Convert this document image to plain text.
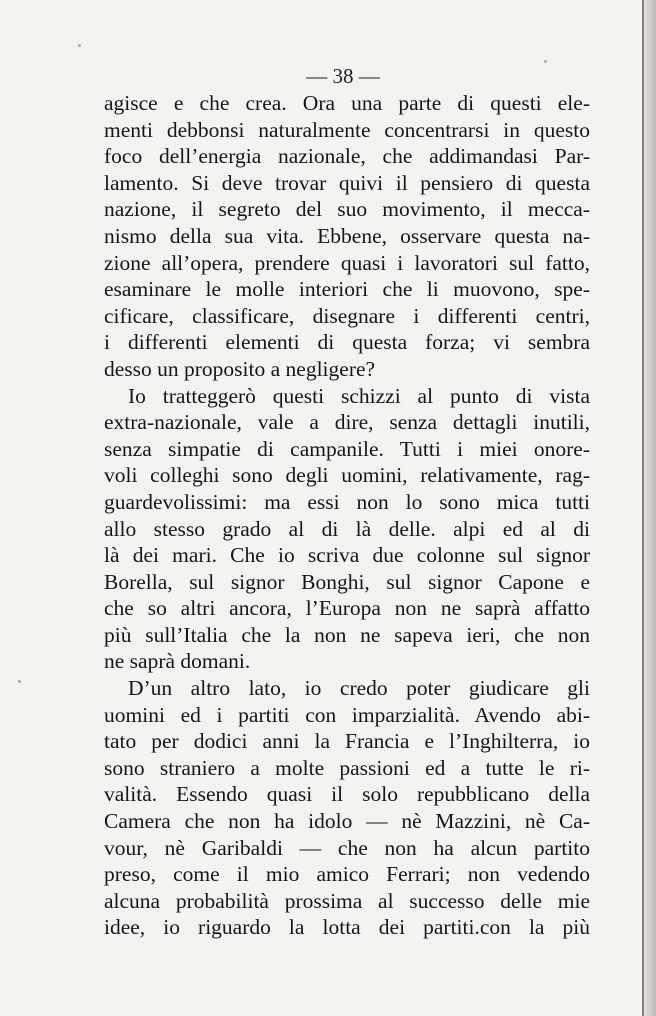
— 38 —
agisce e che crea. Ora una parte di questi ele-
menti debbonsi naturalmente concentrarsi in questo
foco dell’energia nazionale, che addimandasi Par-
lamento. Si deve trovar quivi il pensiero di questa
nazione, il segreto del suo movimento, il mecca-
nismo della sua vita. Ebbene, osservare questa na-
zione all’opera, prendere quasi i lavoratori sul fatto,
esaminare le molle interiori che li muovono, spe-
cificare, classificare, disegnare i differenti centri,
i differenti elementi di questa forza; vi sembra
desso un proposito a negligere?
Io tratteggerò questi schizzi al punto di vista
extra-nazionale, vale a dire, senza dettagli inutili,
senza simpatie di campanile. Tutti i miei onore-
voli colleghi sono degli uomini, relativamente, rag-
guardevolissimi: ma essi non lo sono mica tutti
allo stesso grado al di là delle. alpi ed al di
là dei mari. Che io scriva due colonne sul signor
Borella, sul signor Bonghi, sul signor Capone e
che so altri ancora, l’Europa non ne saprà affatto
più sull’Italia che la non ne sapeva ieri, che non
ne saprà domani.
D’un altro lato, io credo poter giudicare gli
uomini ed i partiti con imparzialità. Avendo abi-
tato per dodici anni la Francia e l’Inghilterra, io
sono straniero a molte passioni ed a tutte le ri-
valità. Essendo quasi il solo repubblicano della
Camera che non ha idolo — nè Mazzini, nè Ca-
vour, nè Garibaldi — che non ha alcun partito
preso, come il mio amico Ferrari; non vedendo
alcuna probabilità prossima al successo delle mie
idee, io riguardo la lotta dei partiti.con la più
